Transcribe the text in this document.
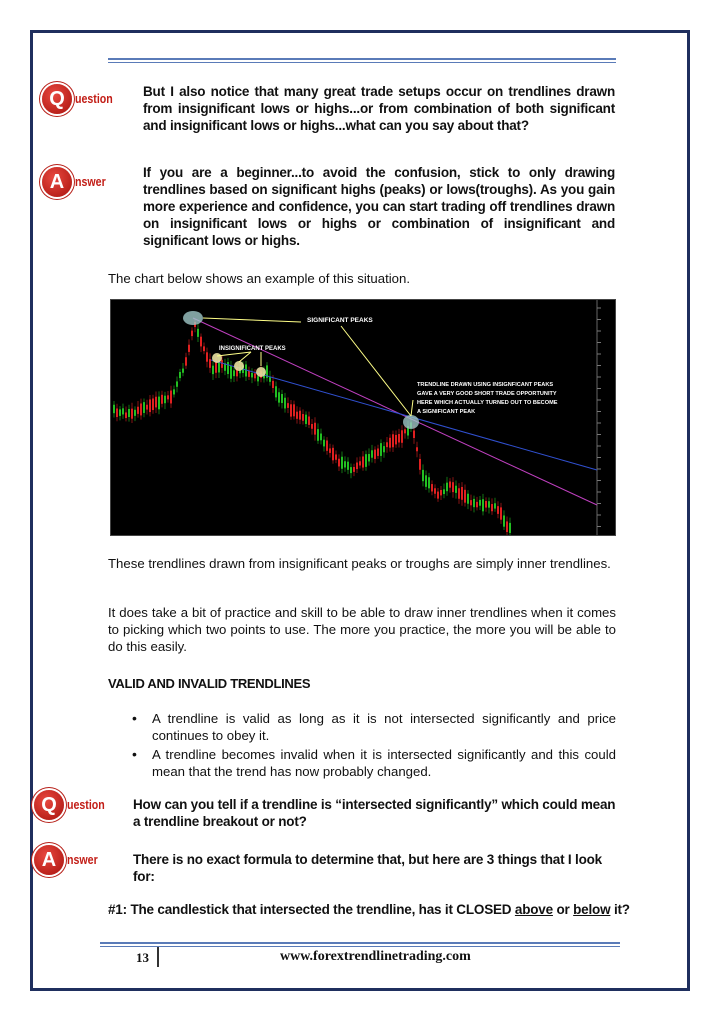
Q uestion But I also notice that many great trade setups occur on trendlines drawn from insignificant lows or highs...or from combination of both significant and insignificant lows or highs...what can you say about that?
A nswer
If you are a beginner...to avoid the confusion, stick to only drawing trendlines based on significant highs (peaks) or lows(troughs). As you gain more experience and confidence, you can start trading off trendlines drawn on insignificant lows or highs or combination of insignificant and significant lows or highs.
The chart below shows an example of this situation.
SIGNIFICANT PEAKS
INSIGNIFICANT PEAKS
TRENDLINE DRAWN USING INSIGNFICANT PEAKS
GAVE A VERY GOOD SHORT TRADE OPPORTUNITY
HERE WHICH ACTUALLY TURNED OUT TO BECOME
A SIGNIFICANT PEAK
These trendlines drawn from insignificant peaks or troughs are simply inner trendlines.
It does take a bit of practice and skill to be able to draw inner trendlines when it comes to picking which two points to use. The more you practice, the more you will be able to do this easily.
VALID AND INVALID TRENDLINES
• A trendline is valid as long as it is not intersected significantly and price continues to obey it.
• A trendline becomes invalid when it is intersected significantly and this could mean that the trend has now probably changed.
Q uestion How can you tell if a trendline is “intersected significantly” which could mean a trendline breakout or not?
A nswer	There is no exact formula to determine that, but here are 3 things that I look for:
#1: The candlestick that intersected the trendline, has it CLOSED above or below it?
13	www.forextrendlinetrading.com
